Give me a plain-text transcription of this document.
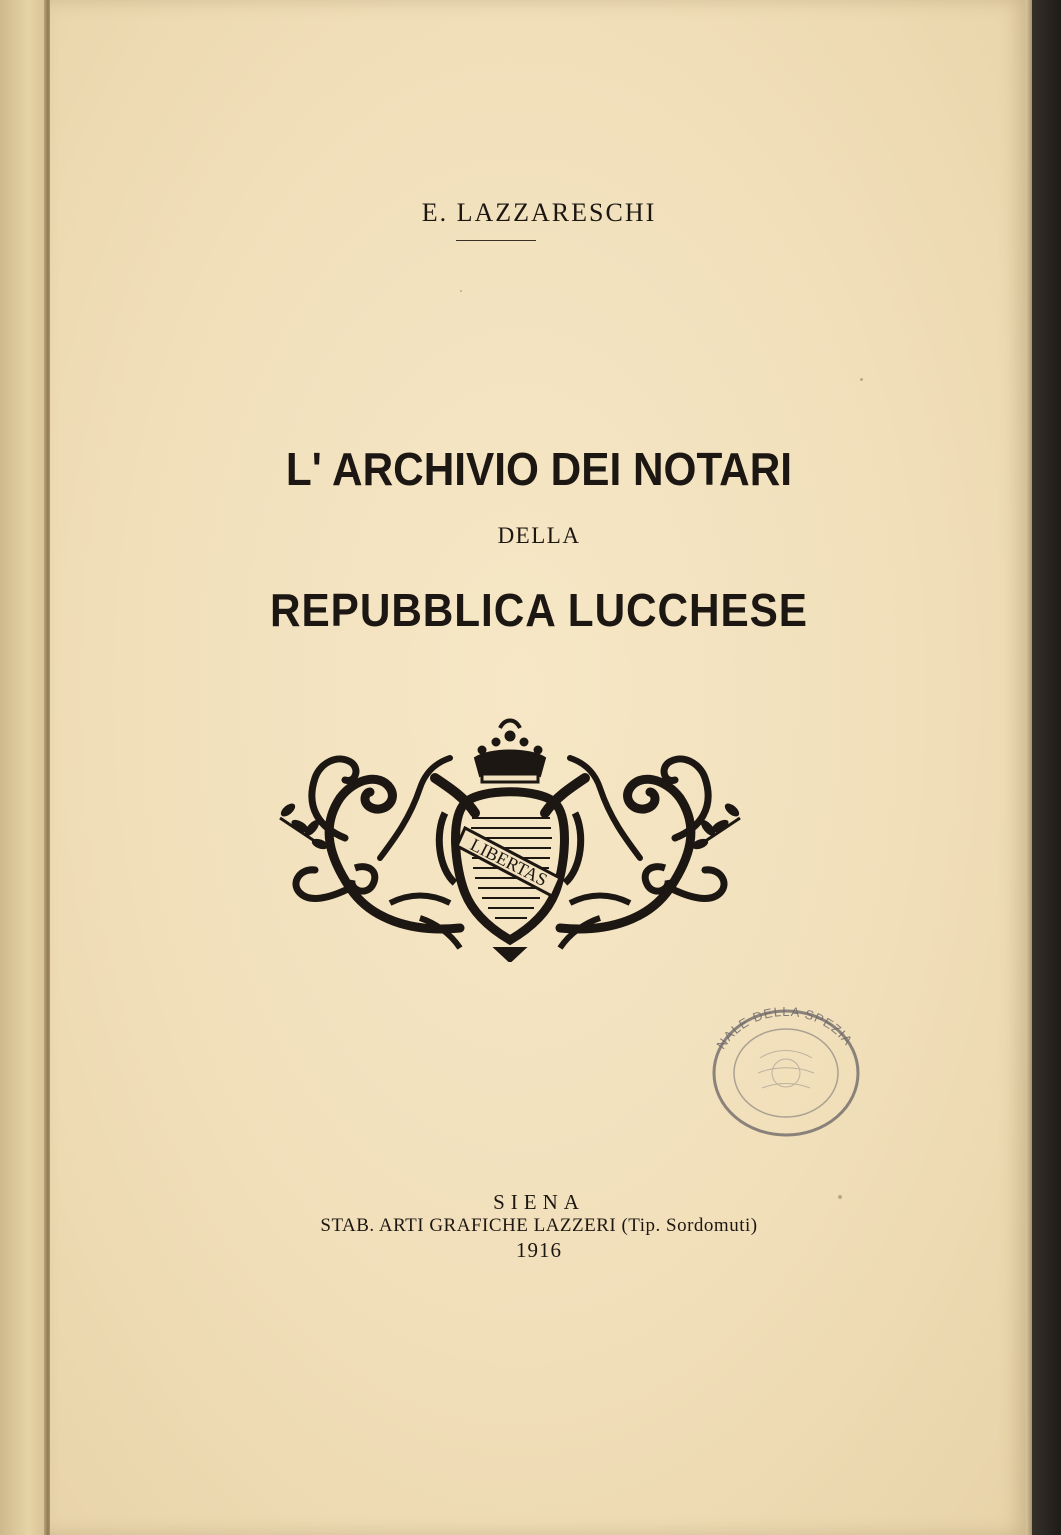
E. LAZZARESCHI
L' ARCHIVIO DEI NOTARI
DELLA
REPUBBLICA LUCCHESE
LIBERTAS
NALE DELLA SPEZIA
SIENA
STAB. ARTI GRAFICHE LAZZERI (Tip. Sordomuti)
1916
